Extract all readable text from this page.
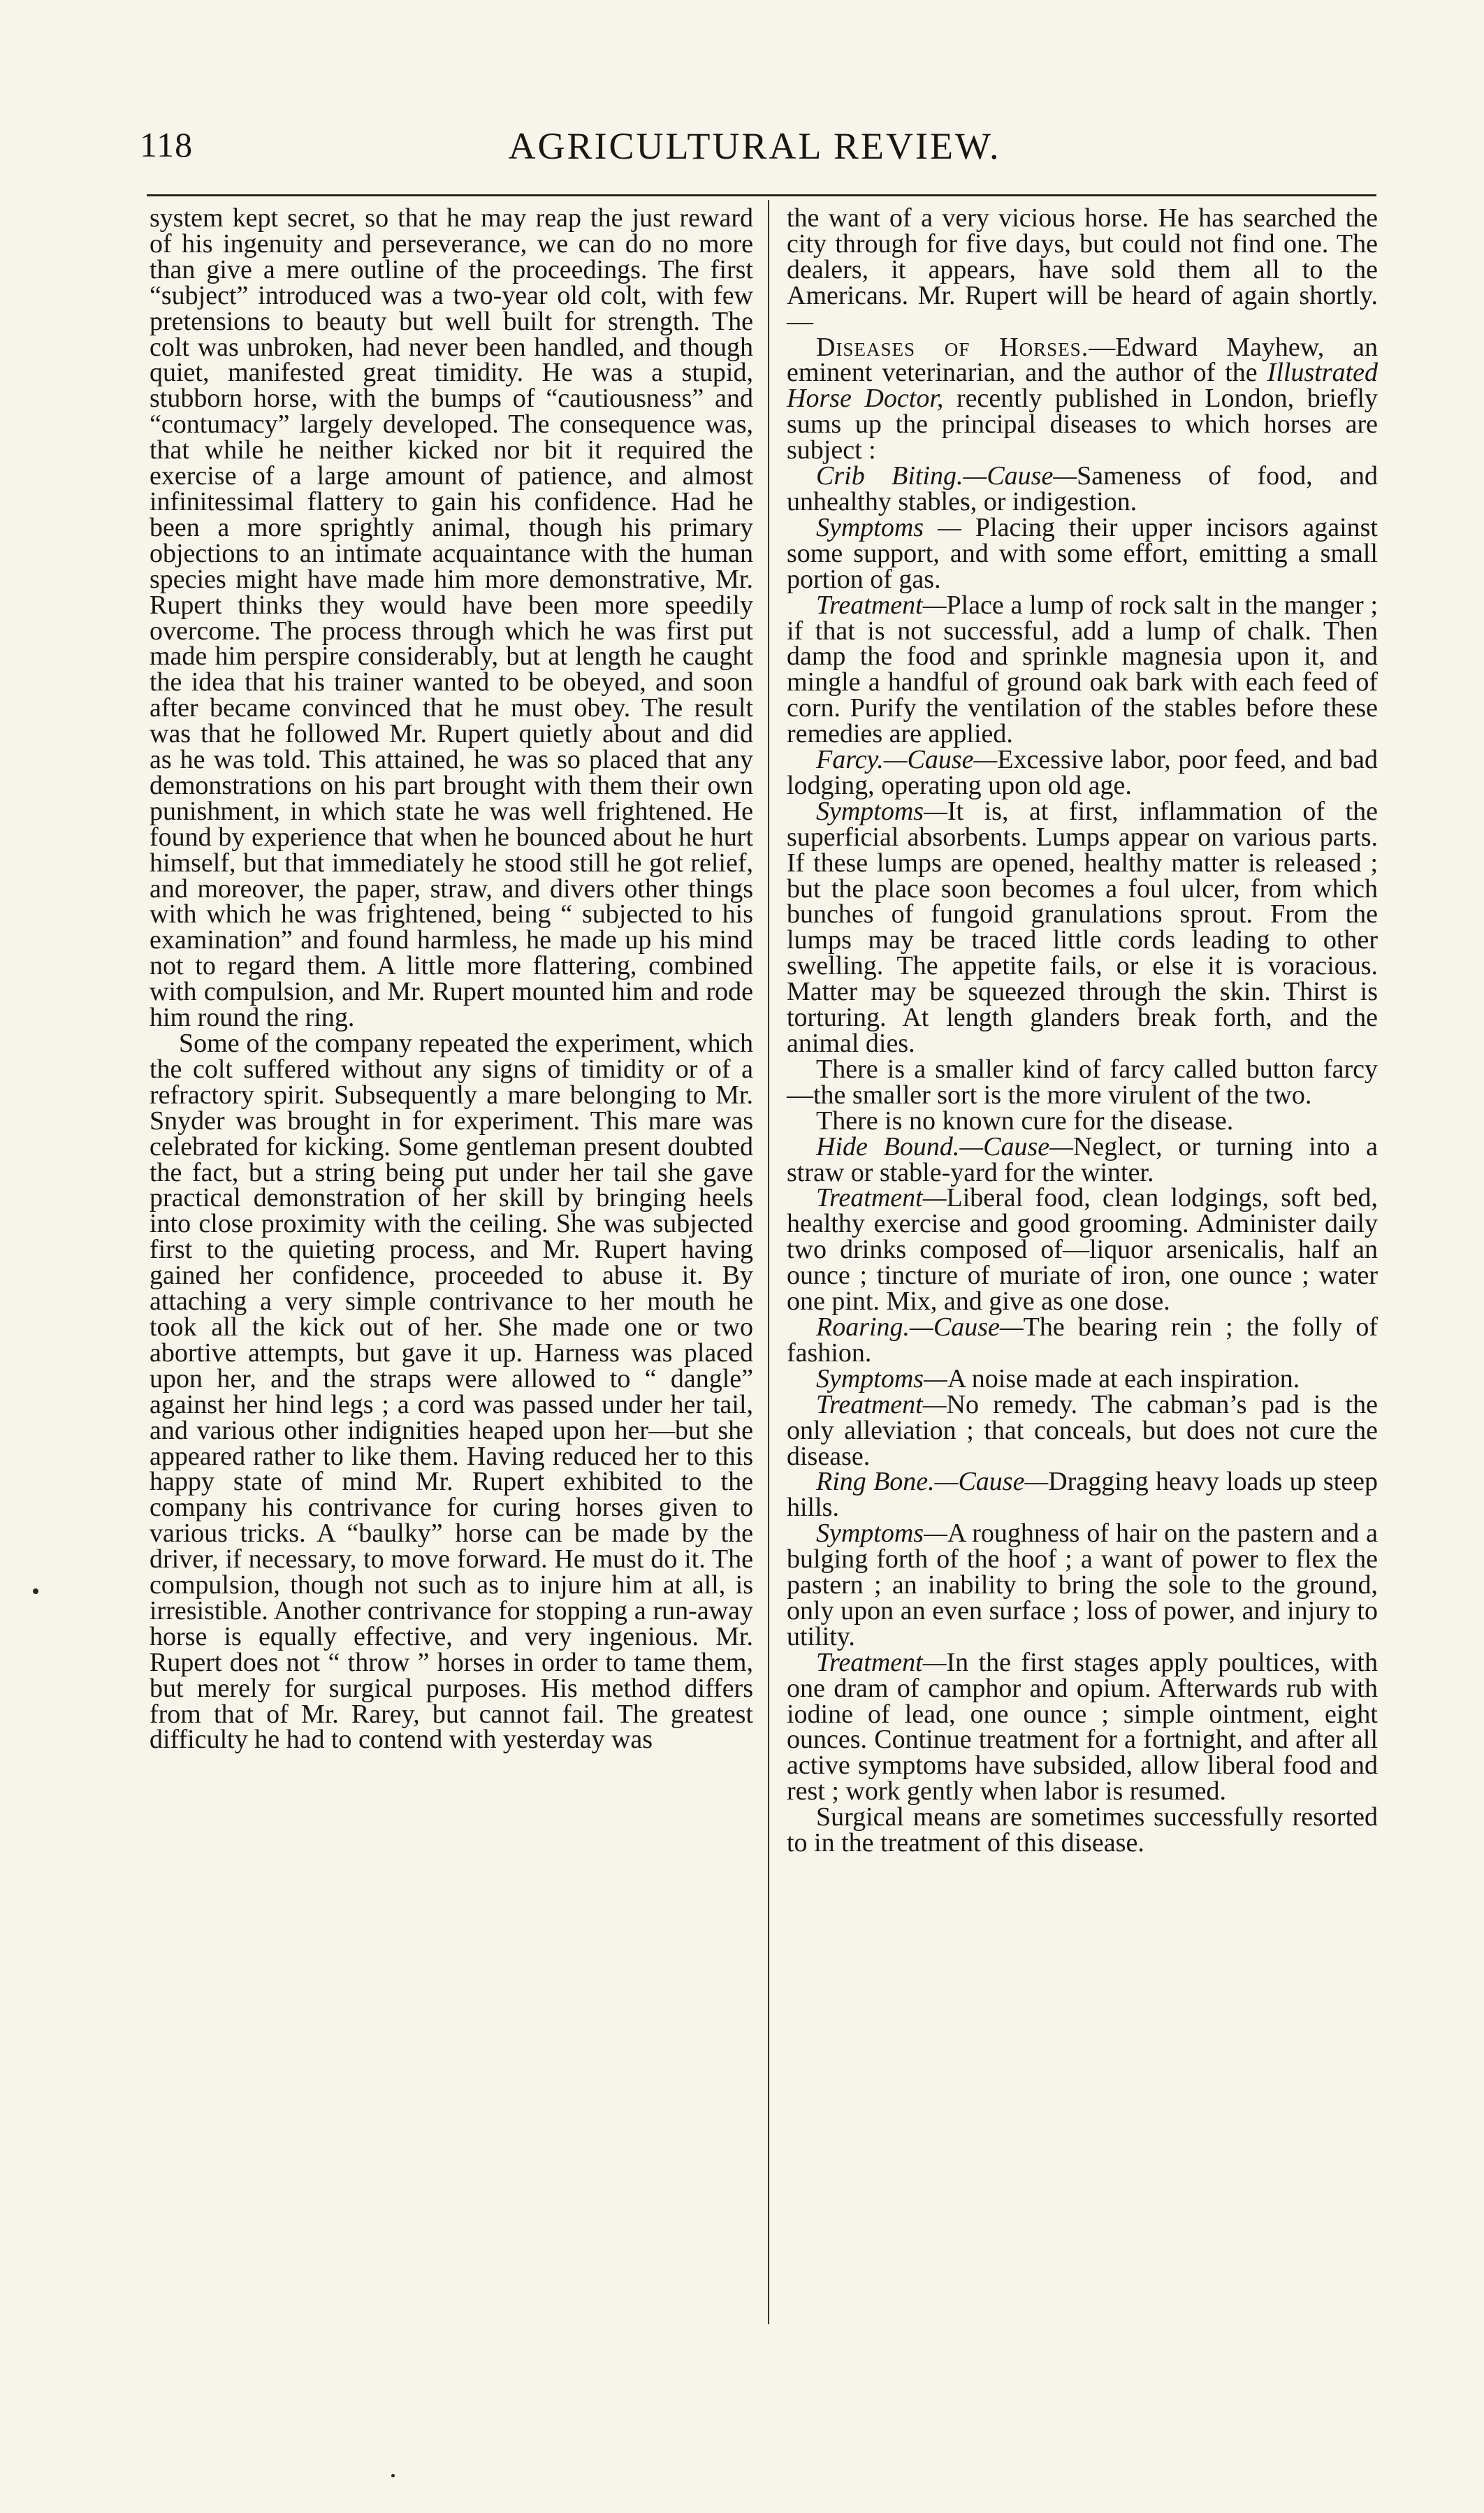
118	AGRICULTURAL REVIEW.

system kept secret, so that he may reap the just reward of his ingenuity and perseverance, we can do no more than give a mere outline of the proceedings. The first “subject” introduced was a two-year old colt, with few pretensions to beauty but well built for strength. The colt was unbroken, had never been handled, and though quiet, manifested great timidity. He was a stupid, stubborn horse, with the bumps of “cautiousness” and “contumacy” largely developed. The consequence was, that while he neither kicked nor bit it required the exercise of a large amount of patience, and almost infinitessimal flattery to gain his confidence. Had he been a more sprightly animal, though his primary objections to an intimate acquaintance with the human species might have made him more demonstrative, Mr. Rupert thinks they would have been more speedily overcome. The process through which he was first put made him perspire considerably, but at length he caught the idea that his trainer wanted to be obeyed, and soon after became convinced that he must obey. The result was that he followed Mr. Rupert quietly about and did as he was told. This attained, he was so placed that any demonstrations on his part brought with them their own punishment, in which state he was well frightened. He found by experience that when he bounced about he hurt himself, but that immediately he stood still he got relief, and moreover, the paper, straw, and divers other things with which he was frightened, being “ subjected to his examination” and found harmless, he made up his mind not to regard them. A little more flattering, combined with compulsion, and Mr. Rupert mounted him and rode him round the ring.

Some of the company repeated the experiment, which the colt suffered without any signs of timidity or of a refractory spirit. Subsequently a mare belonging to Mr. Snyder was brought in for experiment. This mare was celebrated for kicking. Some gentleman present doubted the fact, but a string being put under her tail she gave practical demonstration of her skill by bringing heels into close proximity with the ceiling. She was subjected first to the quieting process, and Mr. Rupert having gained her confidence, proceeded to abuse it. By attaching a very simple contrivance to her mouth he took all the kick out of her. She made one or two abortive attempts, but gave it up. Harness was placed upon her, and the straps were allowed to “ dangle” against her hind legs ; a cord was passed under her tail, and various other indignities heaped upon her—but she appeared rather to like them. Having reduced her to this happy state of mind Mr. Rupert exhibited to the company his contrivance for curing horses given to various tricks. A “baulky” horse can be made by the driver, if necessary, to move forward. He must do it. The compulsion, though not such as to injure him at all, is irresistible. Another contrivance for stopping a run-away horse is equally effective, and very ingenious. Mr. Rupert does not “ throw ” horses in order to tame them, but merely for surgical purposes. His method differs from that of Mr. Rarey, but cannot fail. The greatest difficulty he had to contend with yesterday was

the want of a very vicious horse. He has searched the city through for five days, but could not find one. The dealers, it appears, have sold them all to the Americans. Mr. Rupert will be heard of again shortly.—

Diseases of Horses.—Edward Mayhew, an eminent veterinarian, and the author of the Illustrated Horse Doctor, recently published in London, briefly sums up the principal diseases to which horses are subject :

Crib Biting.—Cause—Sameness of food, and unhealthy stables, or indigestion.

Symptoms — Placing their upper incisors against some support, and with some effort, emitting a small portion of gas.

Treatment—Place a lump of rock salt in the manger ; if that is not successful, add a lump of chalk. Then damp the food and sprinkle magnesia upon it, and mingle a handful of ground oak bark with each feed of corn. Purify the ventilation of the stables before these remedies are applied.

Farcy.—Cause—Excessive labor, poor feed, and bad lodging, operating upon old age.

Symptoms—It is, at first, inflammation of the superficial absorbents. Lumps appear on various parts. If these lumps are opened, healthy matter is released ; but the place soon becomes a foul ulcer, from which bunches of fungoid granulations sprout. From the lumps may be traced little cords leading to other swelling. The appetite fails, or else it is voracious. Matter may be squeezed through the skin. Thirst is torturing. At length glanders break forth, and the animal dies.

There is a smaller kind of farcy called button farcy—the smaller sort is the more virulent of the two.

There is no known cure for the disease.

Hide Bound.—Cause—Neglect, or turning into a straw or stable-yard for the winter.

Treatment—Liberal food, clean lodgings, soft bed, healthy exercise and good grooming. Administer daily two drinks composed of—liquor arsenicalis, half an ounce ; tincture of muriate of iron, one ounce ; water one pint. Mix, and give as one dose.

Roaring.—Cause—The bearing rein ; the folly of fashion.

Symptoms—A noise made at each inspiration.

Treatment—No remedy. The cabman’s pad is the only alleviation ; that conceals, but does not cure the disease.

Ring Bone.—Cause—Dragging heavy loads up steep hills.

Symptoms—A roughness of hair on the pastern and a bulging forth of the hoof ; a want of power to flex the pastern ; an inability to bring the sole to the ground, only upon an even surface ; loss of power, and injury to utility.

Treatment—In the first stages apply poultices, with one dram of camphor and opium. Afterwards rub with iodine of lead, one ounce ; simple ointment, eight ounces. Continue treatment for a fortnight, and after all active symptoms have subsided, allow liberal food and rest ; work gently when labor is resumed.

Surgical means are sometimes successfully resorted to in the treatment of this disease.
